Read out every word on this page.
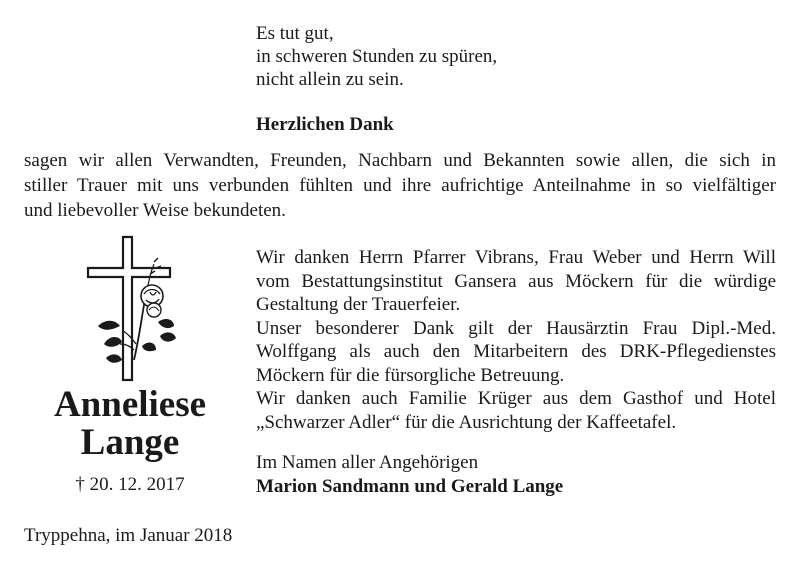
Es tut gut,
in schweren Stunden zu spüren,
nicht allein zu sein.
Herzlichen Dank
sagen wir allen Verwandten, Freunden, Nachbarn und Bekannten sowie allen, die sich in
stiller Trauer mit uns verbunden fühlten und ihre aufrichtige Anteilnahme in so vielfältiger
und liebevoller Weise bekundeten.
Anneliese
Lange
† 20. 12. 2017
Wir danken Herrn Pfarrer Vibrans, Frau Weber und Herrn Will
vom Bestattungsinstitut Gansera aus Möckern für die würdige
Gestaltung der Trauerfeier.
Unser besonderer Dank gilt der Hausärztin Frau Dipl.-Med.
Wolffgang als auch den Mitarbeitern des DRK-Pflegedienstes
Möckern für die fürsorgliche Betreuung.
Wir danken auch Familie Krüger aus dem Gasthof und Hotel
„Schwarzer Adler“ für die Ausrichtung der Kaffeetafel.
Im Namen aller Angehörigen
Marion Sandmann und Gerald Lange
Tryppehna, im Januar 2018
